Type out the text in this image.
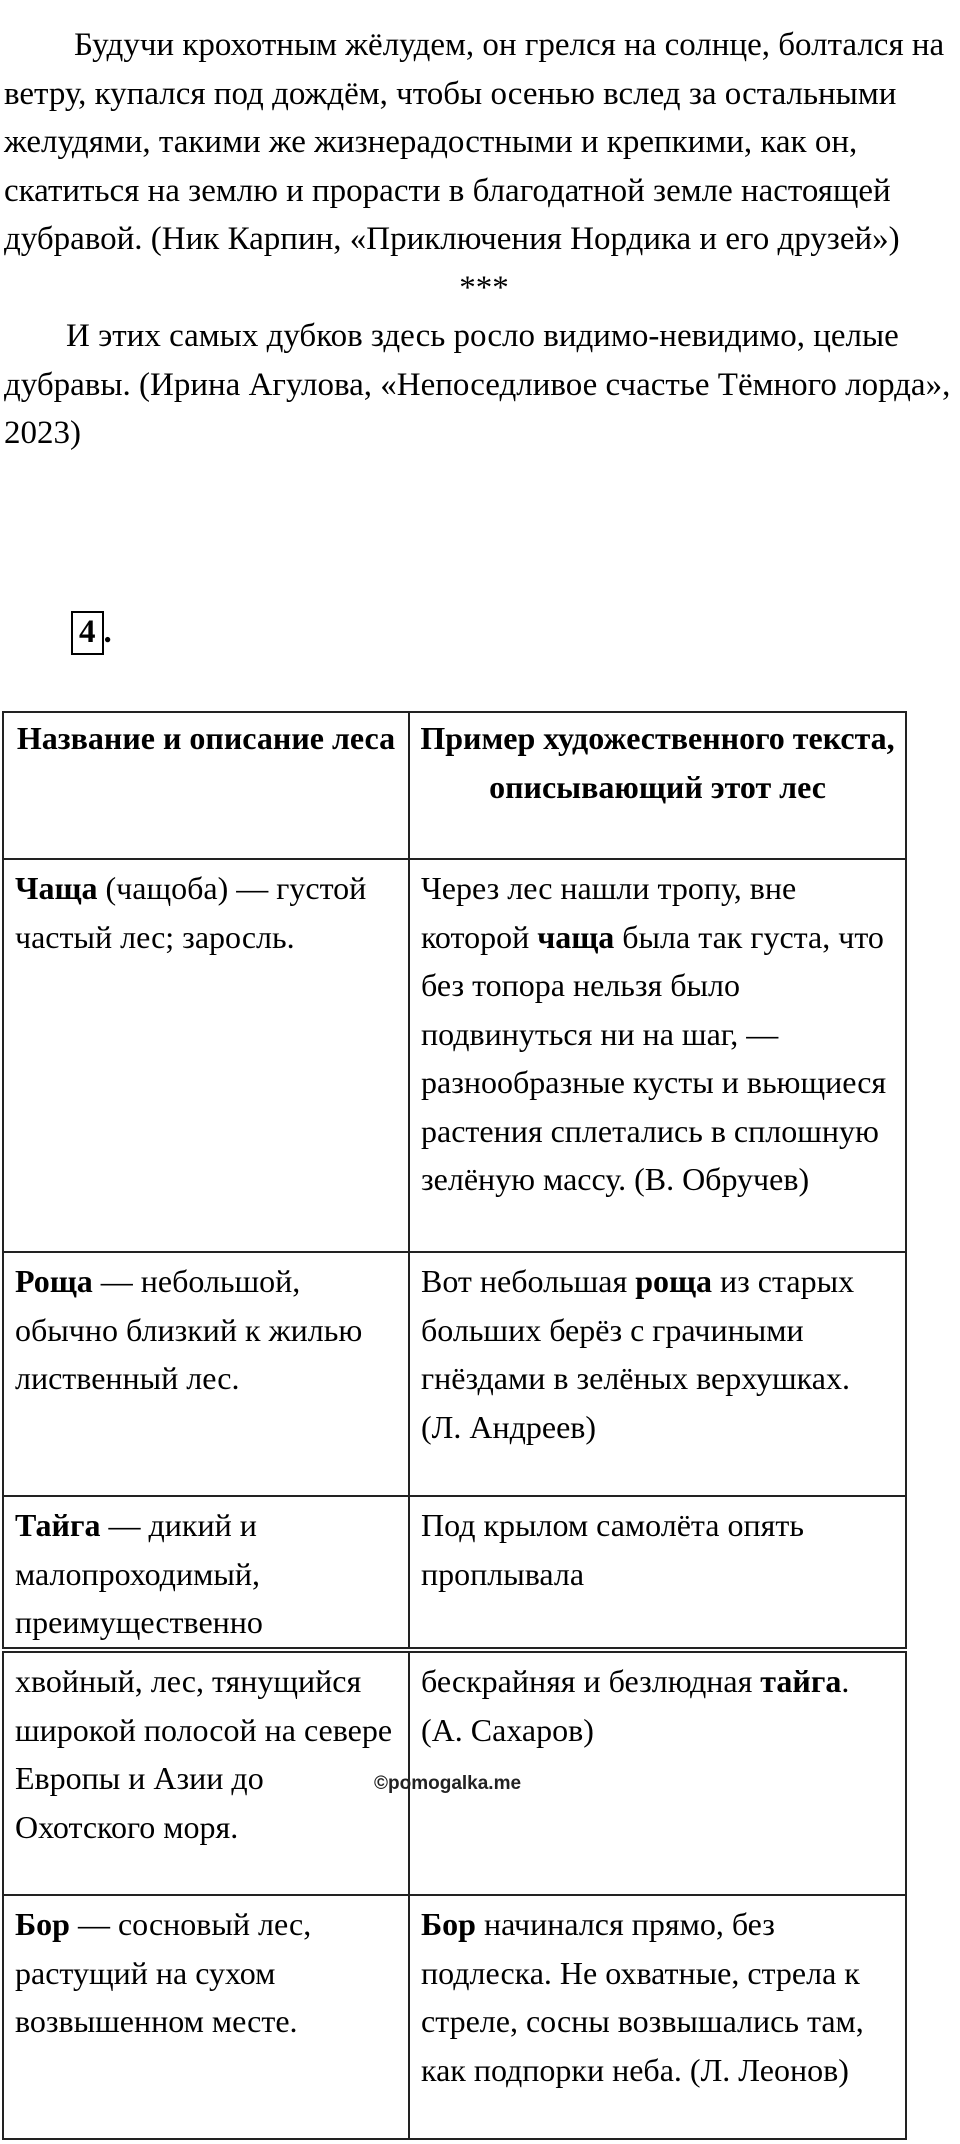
Будучи крохотным жёлудем, он грелся на солнце, болтался на ветру, купался под дождём, чтобы осенью вслед за остальными желудями, такими же жизнерадостными и крепкими, как он, скатиться на землю и прорасти в благодатной земле настоящей дубравой. (Ник Карпин, «Приключения Нордика и его друзей»)

***

И этих самых дубков здесь росло видимо-невидимо, целые дубравы. (Ирина Агулова, «Непоседливое счастье Тёмного лорда», 2023)

4 .
Название и описание леса	Пример художественного текста, описывающий этот лес
Чаща (чащоба) — густой частый лес; заросль.	Через лес нашли тропу, вне которой чаща была так густа, что без топора нельзя было подвинуться ни на шаг, — разнообразные кусты и вьющиеся растения сплетались в сплошную зелёную массу. (В. Обручев)
Роща — небольшой, обычно близкий к жилью лиственный лес.	Вот небольшая роща из старых больших берёз с грачиными гнёздами в зелёных верхушках. (Л. Андреев)
Тайга — дикий и малопроходимый, преимущественно	Под крылом самолёта опять проплывала
хвойный, лес, тянущийся широкой полосой на севере Европы и Азии до Охотского моря.	бескрайняя и безлюдная тайга. (А. Сахаров)
Бор — сосновый лес, растущий на сухом возвышенном месте.	Бор начинался прямо, без подлеска. Не охватные, стрела к стреле, сосны возвышались там, как подпорки неба. (Л. Леонов)
©pomogalka.me
